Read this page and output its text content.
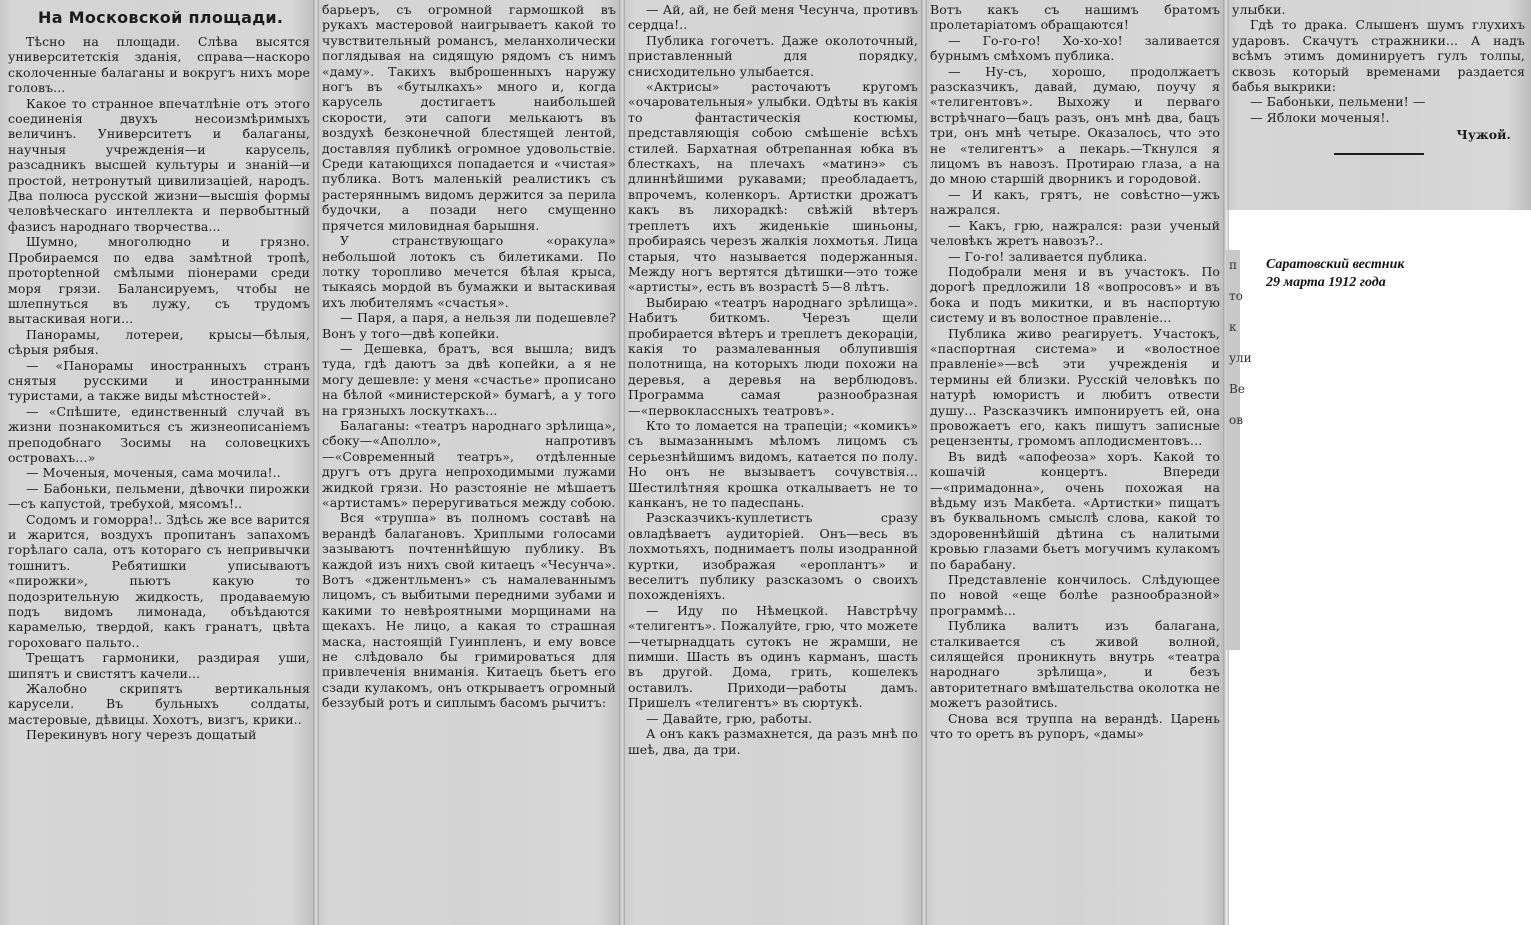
На Московской площади.

Тѣсно на площади. Слѣва высятся университетскія зданія, справа—наскоро сколоченные балаганы и вокругъ нихъ море головъ...

Какое то странное впечатлѣніе отъ этого соединенія двухъ несоизмѣримыхъ величинъ. Университетъ и балаганы, научныя учрежденія—и карусель, разсадникъ высшей культуры и знаній—и простой, нетронутый цивилизаціей, народъ. Два полюса русской жизни—высшія формы человѣческаго интеллекта и первобытный фазисъ народнаго творчества...

Шумно, многолюдно и грязно. Пробираемся по едва замѣтной тропѣ, протоptenной смѣлыми піонерами среди моря грязи. Балансируемъ, чтобы не шлепнуться въ лужу, съ трудомъ вытаскивая ноги...

Панорамы, лотереи, крысы—бѣлыя, сѣрыя рябыя.

— «Панорамы иностранныхъ странъ снятыя русскими и иностранными туристами, а также виды мѣстностей».

— «Спѣшите, единственный случай въ жизни познакомиться съ жизнеописаніемъ преподобнаго Зосимы на соловецкихъ островахъ...»

— Моченыя, моченыя, сама мочила!..

— Бабоньки, пельмени, дѣвочки пирожки—съ капустой, требухой, мясомъ!..

Содомъ и гоморра!.. Здѣсь же все варится и жарится, воздухъ пропитанъ запахомъ горѣлаго сала, отъ котораго съ непривычки тошнитъ. Ребятишки уписываютъ «пирожки», пьютъ какую то подозрительную жидкость, продаваемую подъ видомъ лимонада, объѣдаются карамелью, твердой, какъ гранатъ, цвѣта гороховаго пальто..

Трещатъ гармоники, раздирая уши, шипятъ и свистятъ качели...

Жалобно скрипятъ вертикальныя карусели. Въ бульныхъ солдаты, мастеровые, дѣвицы. Хохотъ, визгъ, крики..

Перекинувъ ногу черезъ дощатый

барьеръ, съ огромной гармошкой въ рукахъ мастеровой наигрываетъ какой то чувствительный романсъ, меланхолически поглядывая на сидящую рядомъ съ нимъ «даму». Такихъ выброшенныхъ наружу ногъ въ «бутылкахъ» много и, когда карусель достигаетъ наибольшей скорости, эти сапоги мелькаютъ въ воздухѣ безконечной блестящей лентой, доставляя публикѣ огромное удовольствіе. Среди катающихся попадается и «чистая» публика. Вотъ маленькій реалистикъ съ растеряннымъ видомъ держится за перила будочки, а позади него смущенно прячется миловидная барышня.

У странствующаго «оракула» небольшой лотокъ съ билетиками. По лотку торопливо мечется бѣлая крыса, тыкаясь мордой въ бумажки и вытаскивая ихъ любителямъ «счастья».

— Паря, а паря, а нельзя ли подешевле? Вонъ у того—двѣ копейки.

— Дешевка, братъ, вся вышла; видъ туда, гдѣ даютъ за двѣ копейки, а я не могу дешевле: у меня «счастье» прописано на бѣлой «министерской» бумагѣ, а у того на грязныхъ лоскуткахъ...

Балаганы: «театръ народнаго зрѣлища», сбоку—«Аполло», напротивъ—«Современный театръ», отдѣленные другъ отъ друга непроходимыми лужами жидкой грязи. Но разстояніе не мѣшаетъ «артистамъ» переругиваться между собою.

Вся «труппа» въ полномъ составѣ на верандѣ балагановъ. Хриплыми голосами зазываютъ почтеннѣйшую публику. Въ каждой изъ нихъ свой китаецъ «Чесунча». Вотъ «джентльменъ» съ намалеваннымъ лицомъ, съ выбитыми передними зубами и какими то невѣроятными морщинами на щекахъ. Не лицо, а какая то страшная маска, настоящій Гуинпленъ, и ему вовсе не слѣдовало бы гримироваться для привлеченія вниманія. Китаецъ бьетъ его сзади кулакомъ, онъ открываетъ огромный беззубый ротъ и сиплымъ басомъ рычитъ:

— Ай, ай, не бей меня Чесунча, противъ сердца!..

Публика гогочетъ. Даже околоточный, приставленный для порядку, снисходительно улыбается.

«Актрисы» расточаютъ кругомъ «очаровательныя» улыбки. Одѣты въ какія то фантастическія костюмы, представляющія собою смѣшеніе всѣхъ стилей. Бархатная обтрепанная юбка въ блесткахъ, на плечахъ «матинэ» съ длиннѣйшими рукавами; преобладаетъ, впрочемъ, коленкоръ. Артистки дрожатъ какъ въ лихорадкѣ: свѣжій вѣтеръ треплетъ ихъ жиденькіе шиньоны, пробираясь черезъ жалкія лохмотья. Лица старыя, что называется подержанныя. Между ногъ вертятся дѣтишки—это тоже «артисты», есть въ возрастѣ 5—8 лѣтъ.

Выбираю «театръ народнаго зрѣлища». Набитъ биткомъ. Черезъ щели пробирается вѣтеръ и треплетъ декораціи, какія то размалеванныя облупившія полотнища, на которыхъ люди похожи на деревья, а деревья на верблюдовъ. Программа самая разнообразная—«первоклассныхъ театровъ».

Кто то ломается на трапеціи; «комикъ» съ вымазаннымъ мѣломъ лицомъ съ серьезнѣйшимъ видомъ, катается по полу. Но онъ не вызываетъ сочувствія... Шестилѣтняя крошка откалываетъ не то канканъ, не то падеспань.

Разсказчикъ-куплетистъ сразу овладѣваетъ аудиторіей. Онъ—весь въ лохмотьяхъ, поднимаетъ полы изодранной куртки, изображая «ероплантъ» и веселитъ публику разсказомъ о своихъ похожденіяхъ.

— Иду по Нѣмецкой. Навстрѣчу «телигентъ». Пожалуйте, грю, что можете—четырнадцать сутокъ не жрамши, не пимши. Шасть въ одинъ карманъ, шасть въ другой. Дома, грить, кошелекъ оставилъ. Приходи—работы дамъ. Пришелъ «телигентъ» въ сюртукѣ.

— Давайте, грю, работы.

А онъ какъ размахнется, да разъ мнѣ по шеѣ, два, да три.

Вотъ какъ съ нашимъ братомъ пролетаріатомъ обращаются!

— Го-го-го! Хо-хо-хо! заливается бурнымъ смѣхомъ публика.

— Ну-съ, хорошо, продолжаетъ разсказчикъ, давай, думаю, поучу я «телигентовъ». Выхожу и перваго встрѣчнаго—бацъ разъ, онъ мнѣ два, бацъ три, онъ мнѣ четыре. Оказалось, что это не «телигентъ» а пекарь.—Ткнулся я лицомъ въ навозъ. Протираю глаза, а на до мною старшій дворникъ и городовой.

— И какъ, грятъ, не совѣстно—ужъ нажрался.

— Какъ, грю, нажрался: рази ученый человѣкъ жретъ навозъ?..

— Го-го! заливается публика.

Подобрали меня и въ участокъ. По дорогѣ предложили 18 «вопросовъ» и въ бока и подъ микитки, и въ наспортую систему и въ волостное правленіе...

Публика живо реагируетъ. Участокъ, «паспортная система» и «волостное правленіе»—всѣ эти учрежденія и термины ей близки. Русскій человѣкъ по натурѣ юмористъ и любитъ отвести душу... Разсказчикъ импонируетъ ей, она провожаетъ его, какъ пишутъ записные рецензенты, громомъ аплодисментовъ...

Въ видѣ «апофеоза» хоръ. Какой то кошачій концертъ. Впереди—«примадонна», очень похожая на вѣдьму изъ Макбета. «Артистки» пищатъ въ буквальномъ смыслѣ слова, какой то здоровеннѣйшій дѣтина съ налитыми кровью глазами бьетъ могучимъ кулакомъ по барабану.

Представленіе кончилось. Слѣдующее по новой «еще болѣе разнообразной» программѣ...

Публика валитъ изъ балагана, сталкивается съ живой волной, силящейся проникнуть внутрь «театра народнаго зрѣлища», и безъ авторитетнаго вмѣшательства околотка не можетъ разойтись.

Снова вся труппа на верандѣ. Царень что то оретъ въ рупоръ, «дамы»

улыбки.

Гдѣ то драка. Слышенъ шумъ глухихъ ударовъ. Скачутъ стражники... А надъ всѣмъ этимъ доминируетъ гулъ толпы, сквозь который временами раздается бабья выкрики:

— Бабоньки, пельмени! —

— Яблоки моченыя!.

Чужой.
п то к ули Ве ов
Саратовский вестник
29 марта 1912 года
